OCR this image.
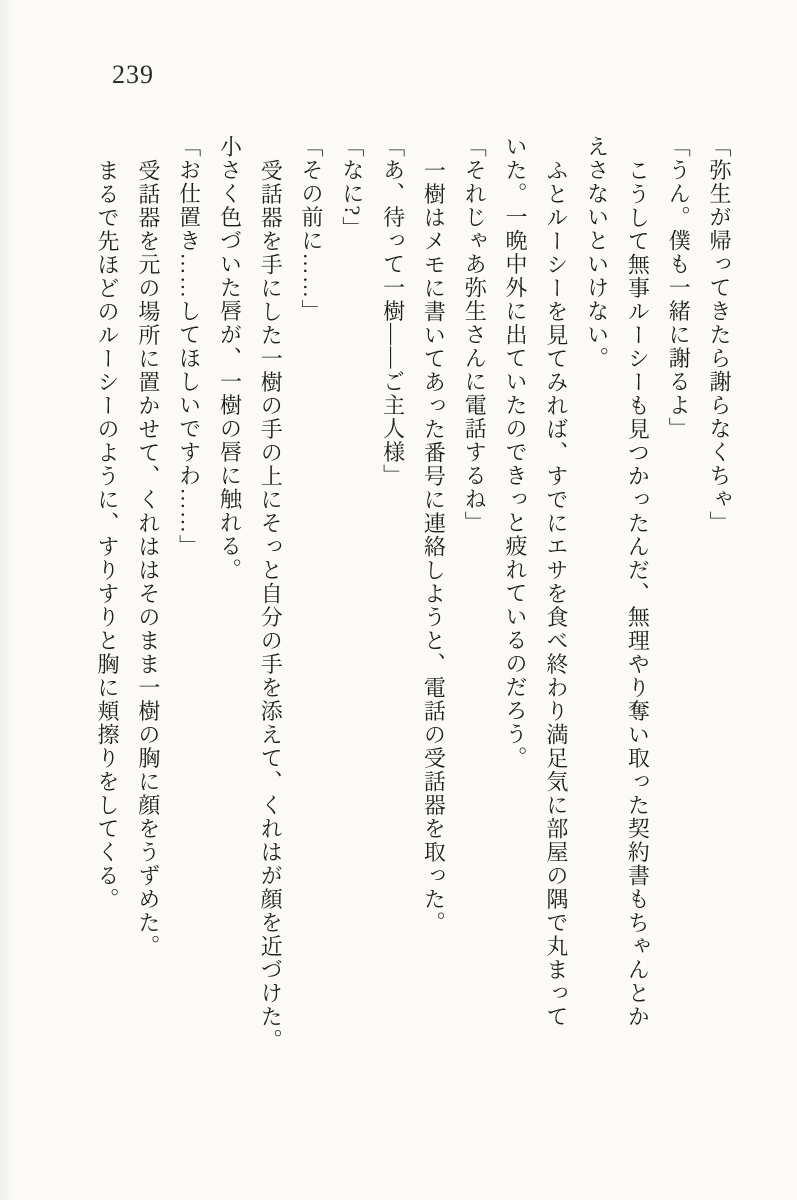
239
「弥生が帰ってきたら謝らなくちゃ」
「うん。僕も一緒に謝るよ」
こうして無事ルーシーも見つかったんだ、無理やり奪い取った契約書もちゃんとか
えさないといけない。
ふとルーシーを見てみれば、すでにエサを食べ終わり満足気に部屋の隅で丸まって
いた。一晩中外に出ていたのできっと疲れているのだろう。
「それじゃあ弥生さんに電話するね」
一樹はメモに書いてあった番号に連絡しようと、電話の受話器を取った。
「あ、待って一樹――ご主人様」
「なに?」
「その前に……」
受話器を手にした一樹の手の上にそっと自分の手を添えて、くれはが顔を近づけた。
小さく色づいた唇が、一樹の唇に触れる。
「お仕置き……してほしいですわ……」
受話器を元の場所に置かせて、くれははそのまま一樹の胸に顔をうずめた。
まるで先ほどのルーシーのように、すりすりと胸に頬擦りをしてくる。
